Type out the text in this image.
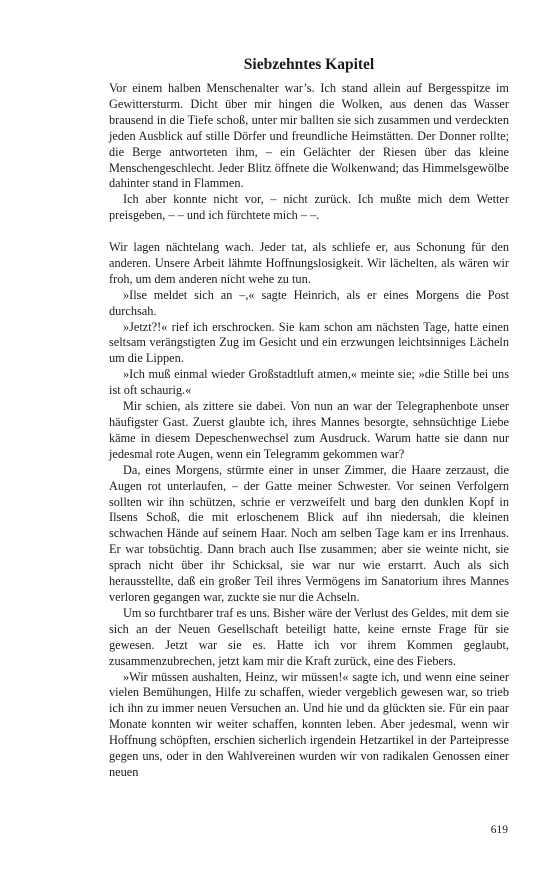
Siebzehntes Kapitel

Vor einem halben Menschenalter war’s. Ich stand allein auf Bergesspitze im Gewittersturm. Dicht über mir hingen die Wolken, aus denen das Wasser brausend in die Tiefe schoß, unter mir ballten sie sich zusammen und verdeckten jeden Ausblick auf stille Dörfer und freundliche Heimstätten. Der Donner rollte; die Berge antworteten ihm, – ein Gelächter der Riesen über das kleine Menschengeschlecht. Jeder Blitz öffnete die Wolkenwand; das Himmelsgewölbe dahinter stand in Flammen.

Ich aber konnte nicht vor, – nicht zurück. Ich mußte mich dem Wetter preisgeben, – – und ich fürchtete mich – –.

Wir lagen nächtelang wach. Jeder tat, als schliefe er, aus Schonung für den anderen. Unsere Arbeit lähmte Hoffnungslosigkeit. Wir lächelten, als wären wir froh, um dem anderen nicht wehe zu tun.

»Ilse meldet sich an –,« sagte Heinrich, als er eines Morgens die Post durchsah.

»Jetzt?!« rief ich erschrocken. Sie kam schon am nächsten Tage, hatte einen seltsam verängstigten Zug im Gesicht und ein erzwungen leichtsinniges Lächeln um die Lippen.

»Ich muß einmal wieder Großstadtluft atmen,« meinte sie; »die Stille bei uns ist oft schaurig.«

Mir schien, als zittere sie dabei. Von nun an war der Telegraphenbote unser häufigster Gast. Zuerst glaubte ich, ihres Mannes besorgte, sehnsüchtige Liebe käme in diesem Depeschenwechsel zum Ausdruck. Warum hatte sie dann nur jedesmal rote Augen, wenn ein Telegramm gekommen war?

Da, eines Morgens, stürmte einer in unser Zimmer, die Haare zerzaust, die Augen rot unterlaufen, – der Gatte meiner Schwester. Vor seinen Verfolgern sollten wir ihn schützen, schrie er verzweifelt und barg den dunklen Kopf in Ilsens Schoß, die mit erloschenem Blick auf ihn niedersah, die kleinen schwachen Hände auf seinem Haar. Noch am selben Tage kam er ins Irrenhaus. Er war tobsüchtig. Dann brach auch Ilse zusammen; aber sie weinte nicht, sie sprach nicht über ihr Schicksal, sie war nur wie erstarrt. Auch als sich herausstellte, daß ein großer Teil ihres Vermögens im Sanatorium ihres Mannes verloren gegangen war, zuckte sie nur die Achseln.

Um so furchtbarer traf es uns. Bisher wäre der Verlust des Geldes, mit dem sie sich an der Neuen Gesellschaft beteiligt hatte, keine ernste Frage für sie gewesen. Jetzt war sie es. Hatte ich vor ihrem Kommen geglaubt, zusammenzubrechen, jetzt kam mir die Kraft zurück, eine des Fiebers.

»Wir müssen aushalten, Heinz, wir müssen!« sagte ich, und wenn eine seiner vielen Bemühungen, Hilfe zu schaffen, wieder vergeblich gewesen war, so trieb ich ihn zu immer neuen Versuchen an. Und hie und da glückten sie. Für ein paar Monate konnten wir weiter schaffen, konnten leben. Aber jedesmal, wenn wir Hoffnung schöpften, erschien sicherlich irgendein Hetzartikel in der Parteipresse gegen uns, oder in den Wahlvereinen wurden wir von radikalen Genossen einer neuen

619
